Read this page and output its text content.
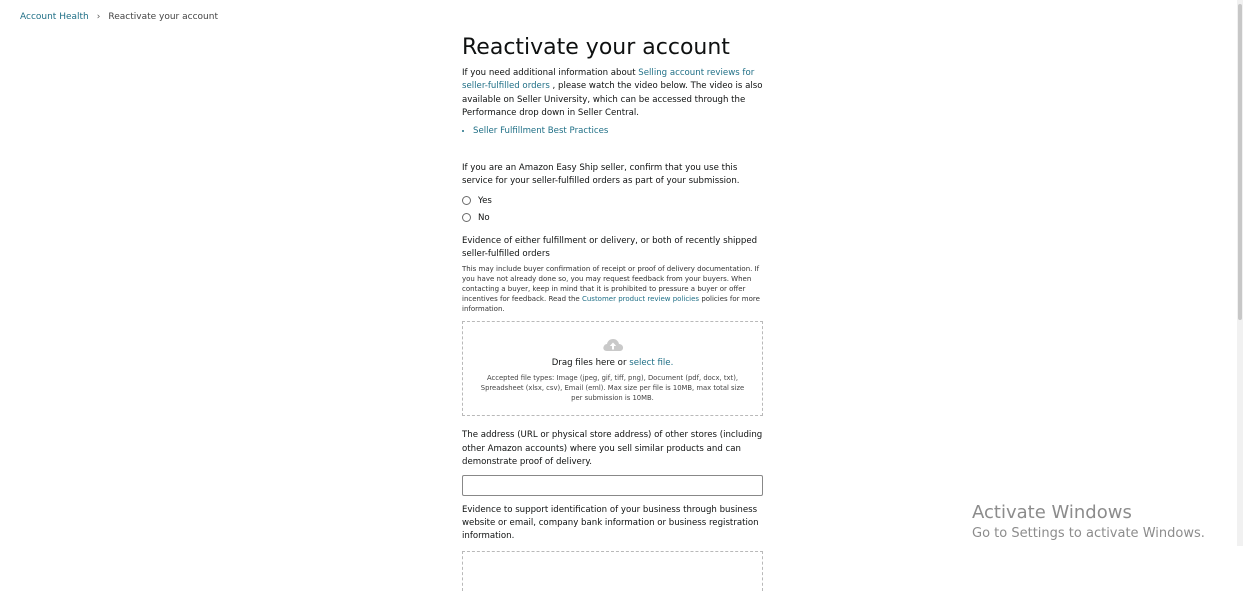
Account Health › Reactivate your account
Reactivate your account
If you need additional information about Selling account reviews for seller-fulfilled orders , please watch the video below. The video is also available on Seller University, which can be accessed through the Performance drop down in Seller Central.
• Seller Fulfillment Best Practices
If you are an Amazon Easy Ship seller, confirm that you use this service for your seller-fulfilled orders as part of your submission.
Yes
No
Evidence of either fulfillment or delivery, or both of recently shipped seller-fulfilled orders
This may include buyer confirmation of receipt or proof of delivery documentation. If you have not already done so, you may request feedback from your buyers. When contacting a buyer, keep in mind that it is prohibited to pressure a buyer or offer incentives for feedback. Read the Customer product review policies policies for more information.
Drag files here or select file.
Accepted file types: Image (jpeg, gif, tiff, png), Document (pdf, docx, txt), Spreadsheet (xlsx, csv), Email (eml). Max size per file is 10MB, max total size per submission is 10MB.
The address (URL or physical store address) of other stores (including other Amazon accounts) where you sell similar products and can demonstrate proof of delivery.
Evidence to support identification of your business through business website or email, company bank information or business registration information.
Activate Windows
Go to Settings to activate Windows.
